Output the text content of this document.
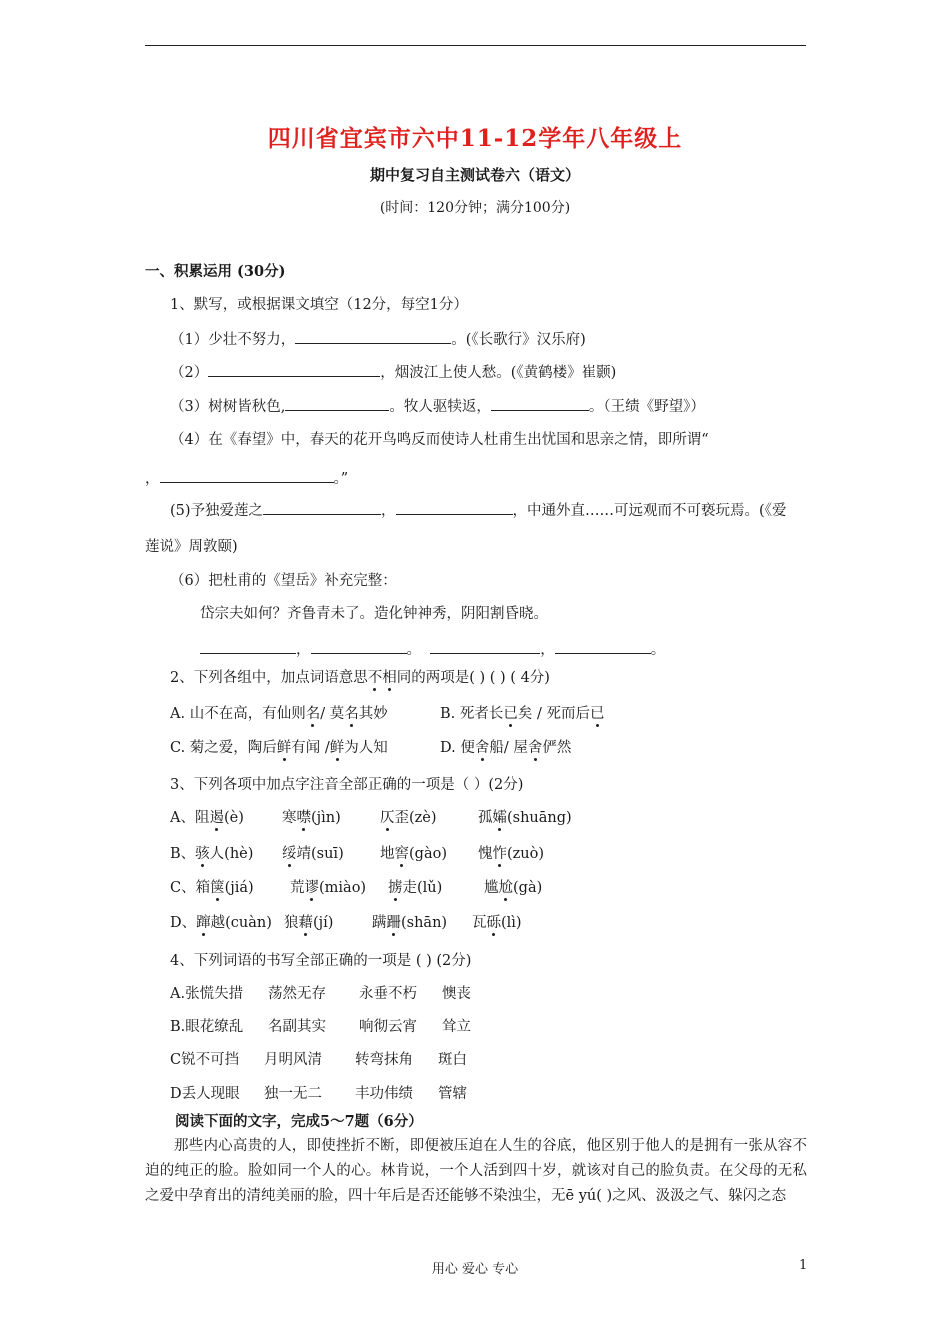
四川省宜宾市六中11-12学年八年级上
期中复习自主测试卷六（语文）
(时间：120分钟；满分100分)
一、积累运用 (30分)
1、默写，或根据课文填空（12分，每空1分）
（1）少壮不努力，	。(《长歌行》汉乐府)
（2）	，烟波江上使人愁。(《黄鹤楼》崔颢)
（3）树树皆秋色,	。牧人驱犊返，	。（王绩《野望》）
（4）在《春望》中，春天的花开鸟鸣反而使诗人杜甫生出忧国和思亲之情，即所谓“
，	。”
(5)予独爱莲之	，	，中通外直……可远观而不可亵玩焉。(《爱
莲说》周敦颐)
（6）把杜甫的《望岳》补充完整：
岱宗夫如何？齐鲁青未了。造化钟神秀，阴阳割昏晓。
，	。	，	。
2、下列各组中，加点词语意思不相同的两项是( ) ( ) ( 4分)
A. 山不在高，有仙则名/ 莫名其妙	B. 死者长已矣 / 死而后已
C. 菊之爱，陶后鲜有闻 /鲜为人知	D. 便舍船/ 屋舍俨然
3、下列各项中加点字注音全部正确的一项是（ ）(2分)
A、阻遏(è)	寒噤(jìn)	仄歪(zè)	孤孀(shuāng)
B、骇人(hè) 绥靖(suī)	地窖(gào) 愧怍(zuò)
C、箱箧(jiá)	荒谬(miào) 掳走(lǔ)	尴尬(gà)
D、蹿越(cuàn) 狼藉(jí)	蹒跚(shān) 瓦砾(lì)
4、下列词语的书写全部正确的一项是 ( ) (2分)
A.张慌失措 荡然无存 永垂不朽 懊丧
B.眼花缭乱 名副其实 响彻云宵 耸立
C锐不可挡 月明风清 转弯抹角 斑白
D丢人现眼 独一无二 丰功伟绩 管辖
阅读下面的文字，完成5～7题（6分）
那些内心高贵的人，即使挫折不断，即便被压迫在人生的谷底，他区别于他人的是拥有一张从容不迫的纯正的脸。脸如同一个人的心。林肯说，一个人活到四十岁，就该对自己的脸负责。在父母的无私之爱中孕育出的清纯美丽的脸，四十年后是否还能够不染浊尘，无ē yú( )之风、汲汲之气、躲闪之态
用心 爱心 专心	1
